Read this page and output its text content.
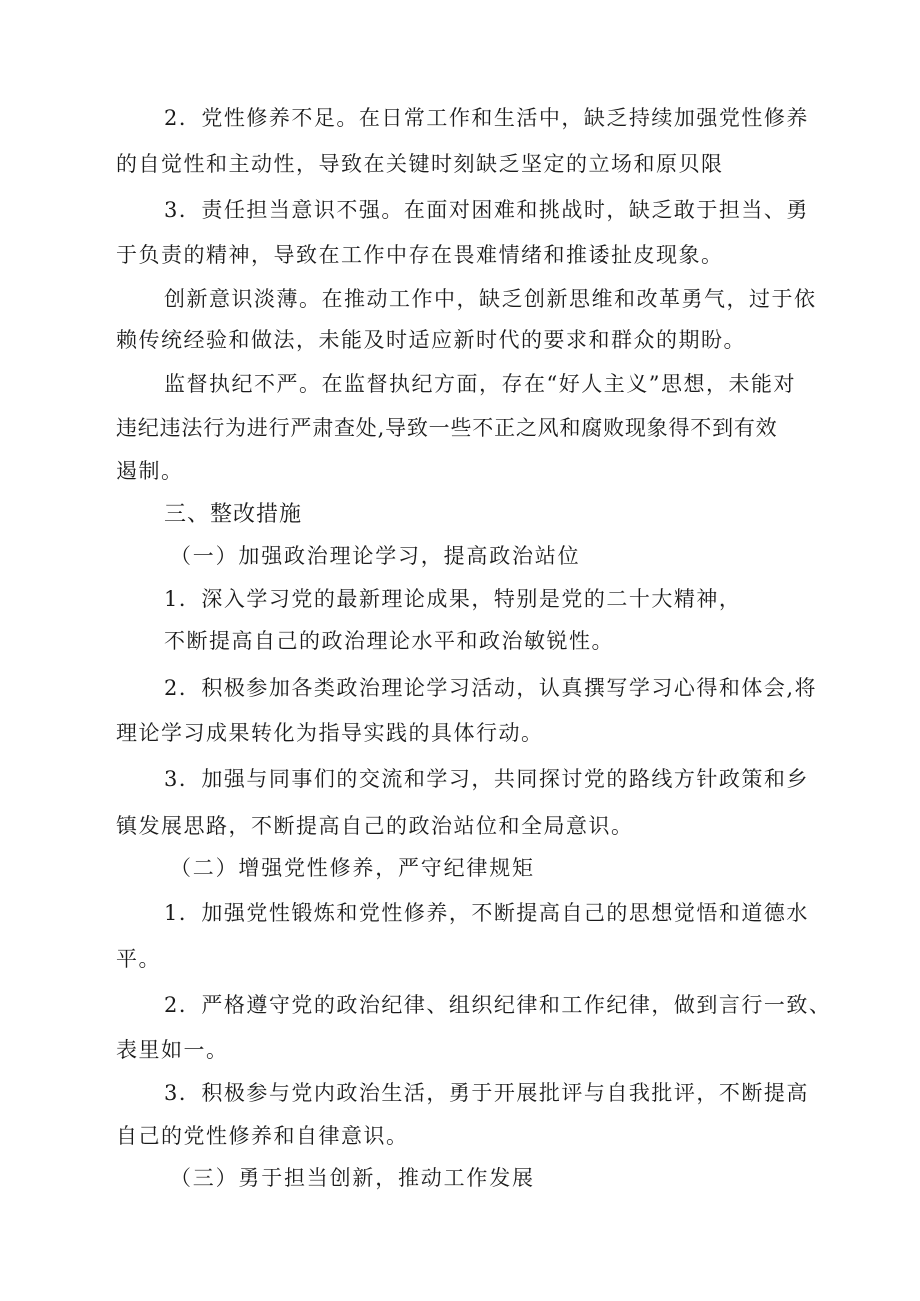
2．党性修养不足。在日常工作和生活中，缺乏持续加强党性修养
的自觉性和主动性，导致在关键时刻缺乏坚定的立场和原贝限
3．责任担当意识不强。在面对困难和挑战时，缺乏敢于担当、勇
于负责的精神，导致在工作中存在畏难情绪和推诿扯皮现象。
创新意识淡薄。在推动工作中，缺乏创新思维和改革勇气，过于依
赖传统经验和做法，未能及时适应新时代的要求和群众的期盼。
监督执纪不严。在监督执纪方面，存在“好人主义”思想，未能对
违纪违法行为进行严肃查处,导致一些不正之风和腐败现象得不到有效
遏制。
三、整改措施
（一）加强政治理论学习，提高政治站位
1．深入学习党的最新理论成果，特别是党的二十大精神，
不断提高自己的政治理论水平和政治敏锐性。
2．积极参加各类政治理论学习活动，认真撰写学习心得和体会,将
理论学习成果转化为指导实践的具体行动。
3．加强与同事们的交流和学习，共同探讨党的路线方针政策和乡
镇发展思路，不断提高自己的政治站位和全局意识。
（二）增强党性修养，严守纪律规矩
1．加强党性锻炼和党性修养，不断提高自己的思想觉悟和道德水
平。
2．严格遵守党的政治纪律、组织纪律和工作纪律，做到言行一致、
表里如一。
3．积极参与党内政治生活，勇于开展批评与自我批评，不断提高
自己的党性修养和自律意识。
（三）勇于担当创新，推动工作发展
